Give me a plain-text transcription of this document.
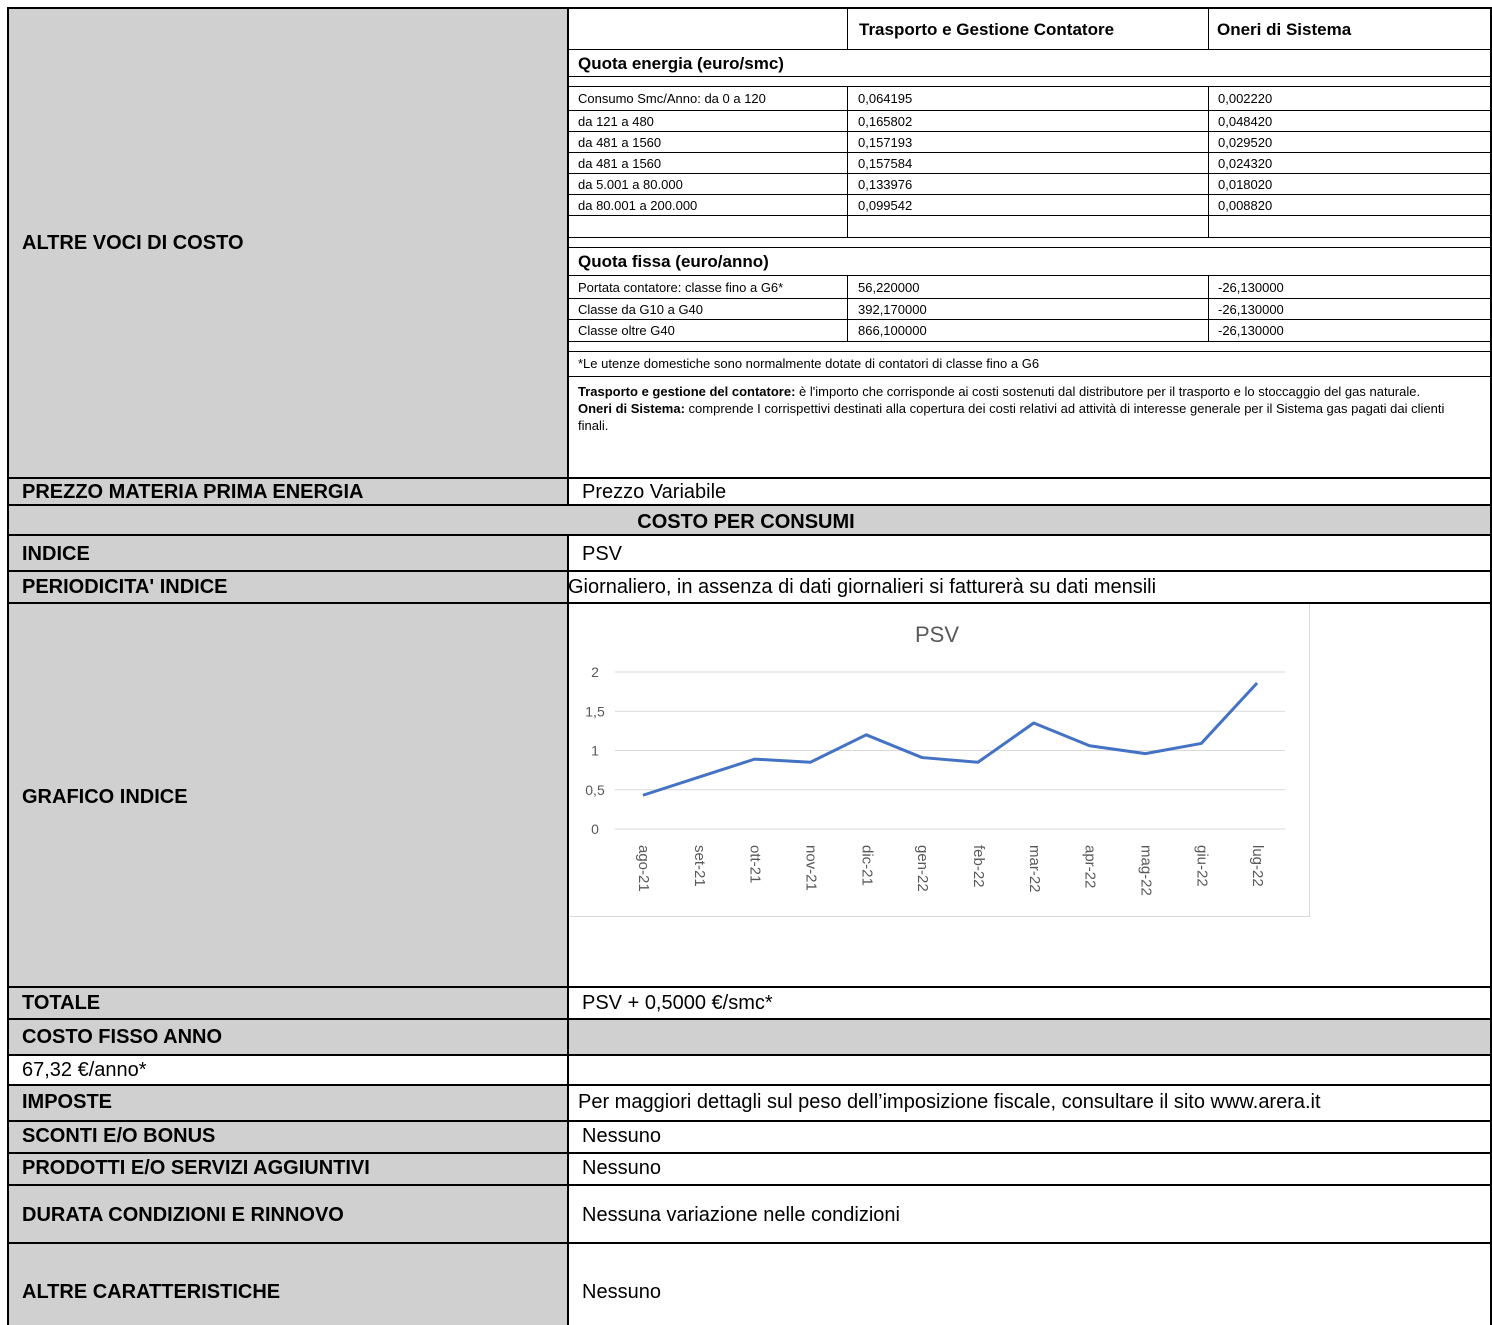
ALTRE VOCI DI COSTO
Trasporto e Gestione Contatore	Oneri di Sistema
Quota energia (euro/smc)
Consumo Smc/Anno: da 0 a 120	0,064195	0,002220
da 121 a 480	0,165802	0,048420
da 481 a 1560	0,157193	0,029520
da 481 a 1560	0,157584	0,024320
da 5.001 a 80.000	0,133976	0,018020
da 80.001 a 200.000	0,099542	0,008820
Quota fissa (euro/anno)
Portata contatore: classe fino a G6*	56,220000	-26,130000
Classe da G10 a G40	392,170000	-26,130000
Classe oltre G40	866,100000	-26,130000
*Le utenze domestiche sono normalmente dotate di contatori di classe fino a G6
Trasporto e gestione del contatore: è l'importo che corrisponde ai costi sostenuti dal distributore per il trasporto e lo stoccaggio del gas naturale.
Oneri di Sistema: comprende I corrispettivi destinati alla copertura dei costi relativi ad attività di interesse generale per il Sistema gas pagati dai clienti finali.
PREZZO MATERIA PRIMA ENERGIA	Prezzo Variabile
COSTO PER CONSUMI
INDICE	PSV
PERIODICITA' INDICE	Giornaliero, in assenza di dati giornalieri si fatturerà su dati mensili
GRAFICO INDICE
PSV
0
0,5
1
1,5
2
ago-21	set-21	ott-21	nov-21	dic-21	gen-22	feb-22	mar-22	apr-22	mag-22	giu-22	lug-22
TOTALE	PSV + 0,5000 €/smc*
COSTO FISSO ANNO
67,32 €/anno*
IMPOSTE	Per maggiori dettagli sul peso dell’imposizione fiscale, consultare il sito www.arera.it
SCONTI E/O BONUS	Nessuno
PRODOTTI E/O SERVIZI AGGIUNTIVI	Nessuno
DURATA CONDIZIONI E RINNOVO	Nessuna variazione nelle condizioni
ALTRE CARATTERISTICHE	Nessuno
